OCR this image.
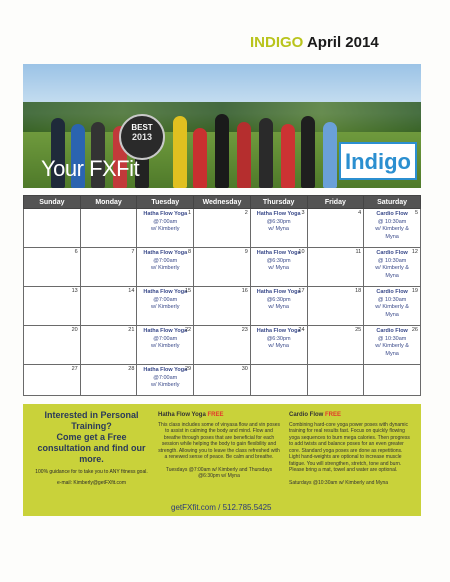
INDIGO April 2014
BEST
2013
Your FXFit	Indigo
Sunday	Monday	Tuesday	Wednesday	Thursday	Friday	Saturday

		1
Hatha Flow Yoga
@7:00am
w/ Kimberly	2	3
Hatha Flow Yoga
@6:30pm
w/ Myna	4	5
Cardio Flow
@ 10:30am
w/ Kimberly &
Myna

6	7	8
Hatha Flow Yoga
@7:00am
w/ Kimberly	9	10
Hatha Flow Yoga
@6:30pm
w/ Myna	11	12
Cardio Flow
@ 10:30am
w/ Kimberly &
Myna

13	14	15
Hatha Flow Yoga
@7:00am
w/ Kimberly	16	17
Hatha Flow Yoga
@6:30pm
w/ Myna	18	19
Cardio Flow
@ 10:30am
w/ Kimberly &
Myna

20	21	22
Hatha Flow Yoga
@7:00am
w/ Kimberly	23	24
Hatha Flow Yoga
@6:30pm
w/ Myna	25	26
Cardio Flow
@ 10:30am
w/ Kimberly &
Myna

27	28	29
Hatha Flow Yoga
@7:00am
w/ Kimberly	30			

Interested in Personal Training?
Come get a Free consultation and find our more.
100% guidance for to take you to ANY fitness goal.
e-mail: Kimberly@getFXfit.com
Hatha Flow Yoga FREE
This class includes some of vinyasa flow and vin poses to assist in calming the body and mind. Flow and breathe through poses that are beneficial for each session while helping the body to gain flexibility and strength. Allowing you to leave the class refreshed with a renewed sense of peace. Be calm and breathe.
Tuesdays @7:00am w/ Kimberly and Thursdays @6:30pm w/ Myna
Cardio Flow FREE
Combining hard-core yoga power poses with dynamic training for real results fast. Focus on quickly flowing yoga sequences to burn mega calories. Then progress to add twists and balance poses for an even greater core. Standard yoga poses are done as repetitions. Light hand-weights are optional to increase muscle fatigue. You will strengthen, stretch, tone and burn. Please bring a mat, towel and water are optional.
Saturdays @10:30am w/ Kimberly and Myna
getFXfit.com / 512.785.5425
